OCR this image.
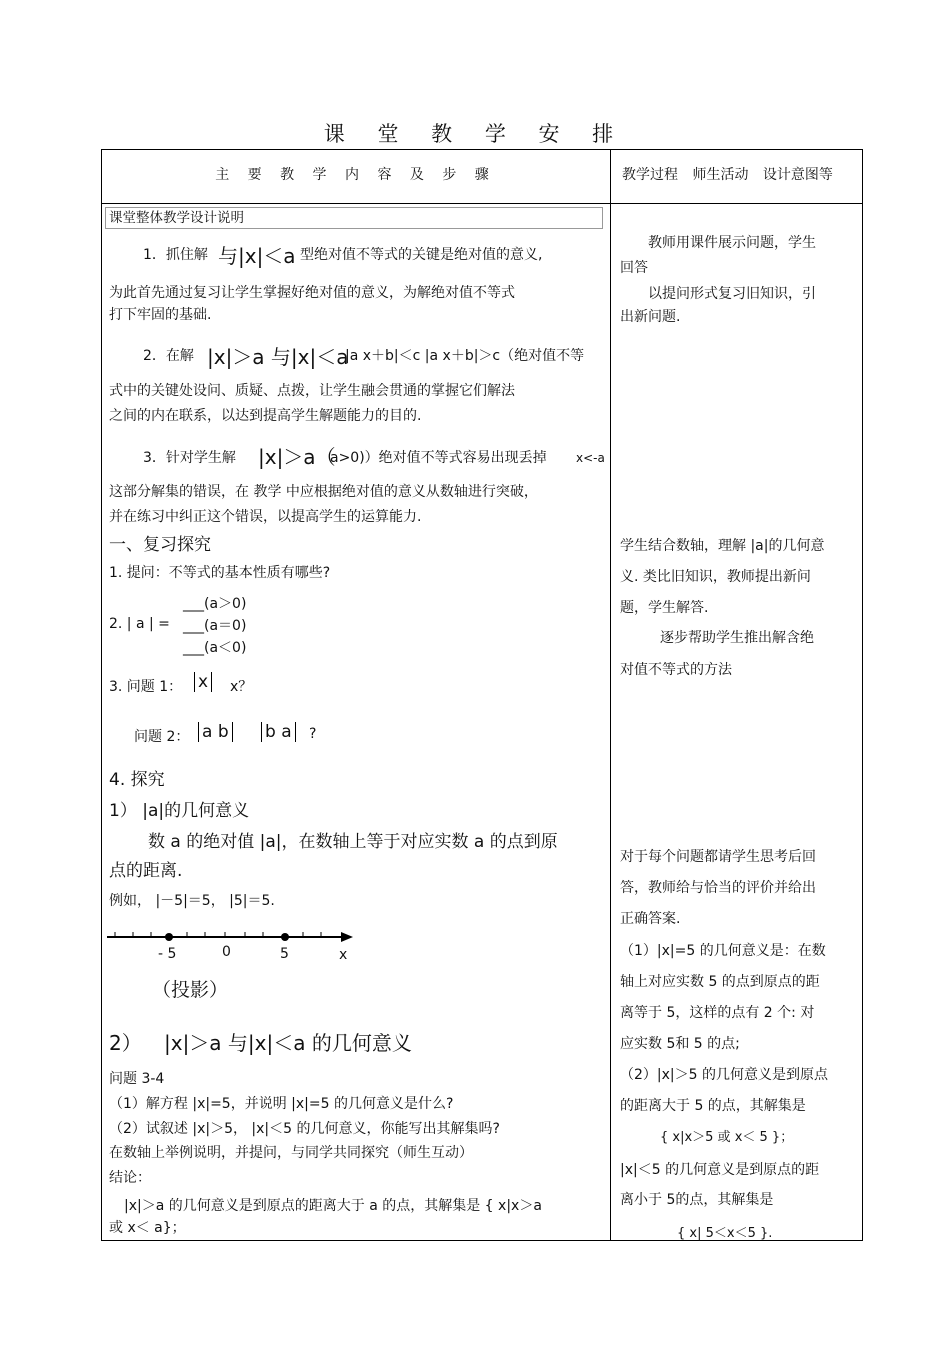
课 堂 教 学 安 排
主 要 教 学 内 容 及 步 骤	教学过程 师生活动 设计意图等
课堂整体教学设计说明
1．抓住解 与|x|＜a 型绝对值不等式的关键是绝对值的意义,
为此首先通过复习让学生掌握好绝对值的意义，为解绝对值不等式
打下牢固的基础.
2．在解 |x|＞a 与|x|＜a
|a x＋b|＜c |a x＋b|＞c（绝对值不等
式中的关键处设问、质疑、点拨，让学生融会贯通的掌握它们解法
之间的内在联系，以达到提高学生解题能力的目的.
3．针对学生解 |x|＞a（
a>0)）绝对值不等式容易出现丢掉 x<-a
这部分解集的错误，在 教学 中应根据绝对值的意义从数轴进行突破，
并在练习中纠正这个错误，以提高学生的运算能力.
一、复习探究
1. 提问：不等式的基本性质有哪些?
2. | a | =
___(a＞0)
___(a＝0)
___(a＜0)
3. 问题 1： x x？
问题 2： a b b a ?
4. 探究
1） |a|的几何意义
数 a 的绝对值 |a|，在数轴上等于对应实数 a 的点到原
点的距离.
例如， |－5|＝5， |5|＝5.
- 5	0	5	x
（投影）
2） |x|＞a 与|x|＜a 的几何意义
问题 3-4
（1）解方程 |x|=5，并说明 |x|=5 的几何意义是什么?
（2）试叙述 |x|＞5， |x|＜5 的几何意义，你能写出其解集吗?
在数轴上举例说明，并提问，与同学共同探究（师生互动）
结论：
|x|＞a 的几何意义是到原点的距离大于 a 的点，其解集是 { x|x＞a
或 x＜ a}；
教师用课件展示问题，学生
回答
以提问形式复习旧知识，引
出新问题.
学生结合数轴，理解 |a|的几何意
义. 类比旧知识，教师提出新问
题，学生解答.
逐步帮助学生推出解含绝
对值不等式的方法
对于每个问题都请学生思考后回
答，教师给与恰当的评价并给出
正确答案.
（1）|x|=5 的几何意义是：在数
轴上对应实数 5 的点到原点的距
离等于 5，这样的点有 2 个: 对
应实数 5和 5 的点;
（2）|x|＞5 的几何意义是到原点
的距离大于 5 的点，其解集是
{ x|x＞5 或 x＜ 5 }；
|x|＜5 的几何意义是到原点的距
离小于 5的点，其解集是
{ x| 5＜x＜5 }.
